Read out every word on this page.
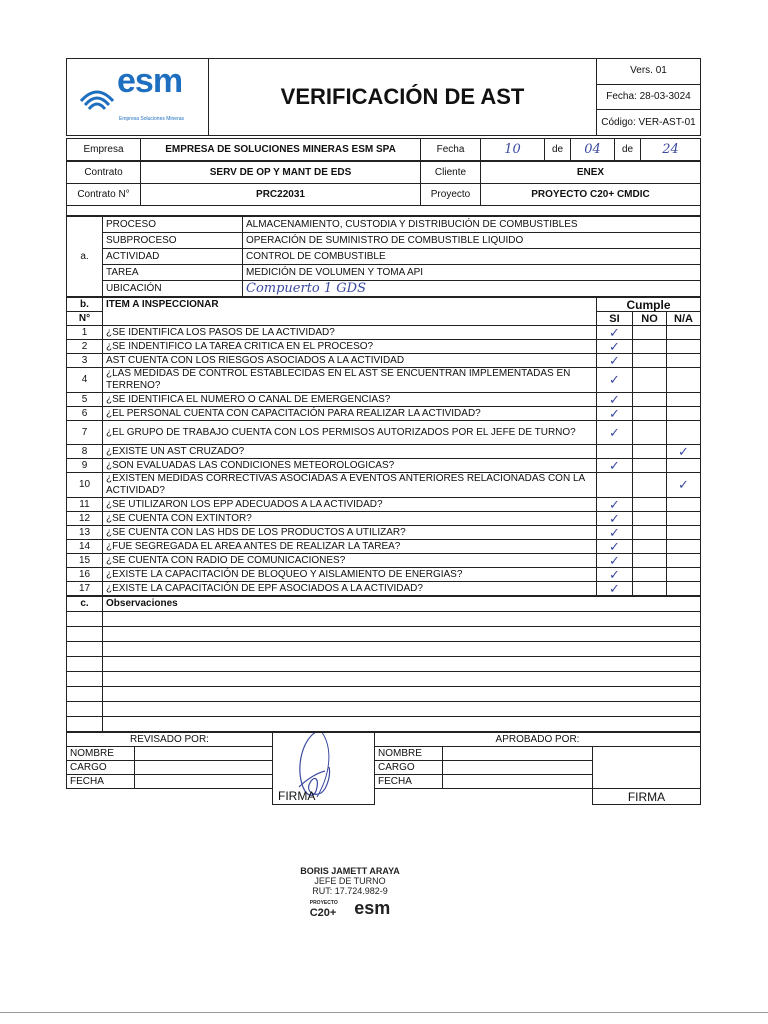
esm
Empresa Soluciones Mineras
	VERIFICACIÓN DE AST	Vers. 01
Fecha: 28-03-3024
Código: VER-AST-01
Empresa	EMPRESA DE SOLUCIONES MINERAS ESM SPA	Fecha	10	de	04	de	24
Contrato	SERV DE OP Y MANT DE EDS	Cliente	ENEX
Contrato N°	PRC22031	Proyecto	PROYECTO C20+ CMDIC

a.	PROCESO	ALMACENAMIENTO, CUSTODIA Y DISTRIBUCIÓN DE COMBUSTIBLES
	SUBPROCESO	OPERACIÓN DE SUMINISTRO DE COMBUSTIBLE LIQUIDO
	ACTIVIDAD	CONTROL DE COMBUSTIBLE
	TAREA	MEDICIÓN DE VOLUMEN Y TOMA API
	UBICACIÓN	Compuerto 1 GDS
b.	ITEM A INSPECCIONAR	Cumple		
N°		SI	NO	N/A
1	¿SE IDENTIFICA LOS PASOS DE LA ACTIVIDAD?	✓		
2	¿SE INDENTIFICO LA TAREA CRITICA EN EL PROCESO?	✓		
3	AST CUENTA CON LOS RIESGOS ASOCIADOS A LA ACTIVIDAD	✓		
4	¿LAS MEDIDAS DE CONTROL ESTABLECIDAS EN EL AST SE ENCUENTRAN IMPLEMENTADAS EN TERRENO?	✓		
5	¿SE IDENTIFICA EL NUMERO O CANAL DE EMERGENCIAS?	✓		
6	¿EL PERSONAL CUENTA CON CAPACITACIÓN PARA REALIZAR LA ACTIVIDAD?	✓		
7	¿EL GRUPO DE TRABAJO CUENTA CON LOS PERMISOS AUTORIZADOS POR EL JEFE DE TURNO?	✓		
8	¿EXISTE UN AST CRUZADO?			✓
9	¿SON EVALUADAS LAS CONDICIONES METEOROLOGICAS?	✓		
10	¿EXISTEN MEDIDAS CORRECTIVAS ASOCIADAS A EVENTOS ANTERIORES RELACIONADAS CON LA ACTIVIDAD?			✓
11	¿SE UTILIZARON LOS EPP ADECUADOS A LA ACTIVIDAD?	✓		
12	¿SE CUENTA CON EXTINTOR?	✓		
13	¿SE CUENTA CON LAS HDS DE LOS PRODUCTOS A UTILIZAR?	✓		
14	¿FUE SEGREGADA EL AREA ANTES DE REALIZAR LA TAREA?	✓		
15	¿SE CUENTA CON RADIO DE COMUNICACIONES?	✓		
16	¿EXISTE LA CAPACITACIÓN DE BLOQUEO Y AISLAMIENTO DE ENERGIAS?	✓		
17	¿EXISTE LA CAPACITACIÓN DE EPF ASOCIADOS A LA ACTIVIDAD?	✓		
c.	Observaciones

REVISADO POR:			APROBADO POR:		
NOMBRE			NOMBRE		
CARGO			CARGO		
FECHA			FECHA		
					FIRMA
FIRMA
BORIS JAMETT ARAYA
JEFE DE TURNO
RUT: 17.724.982-9
PROYECTO
C20+ esm
